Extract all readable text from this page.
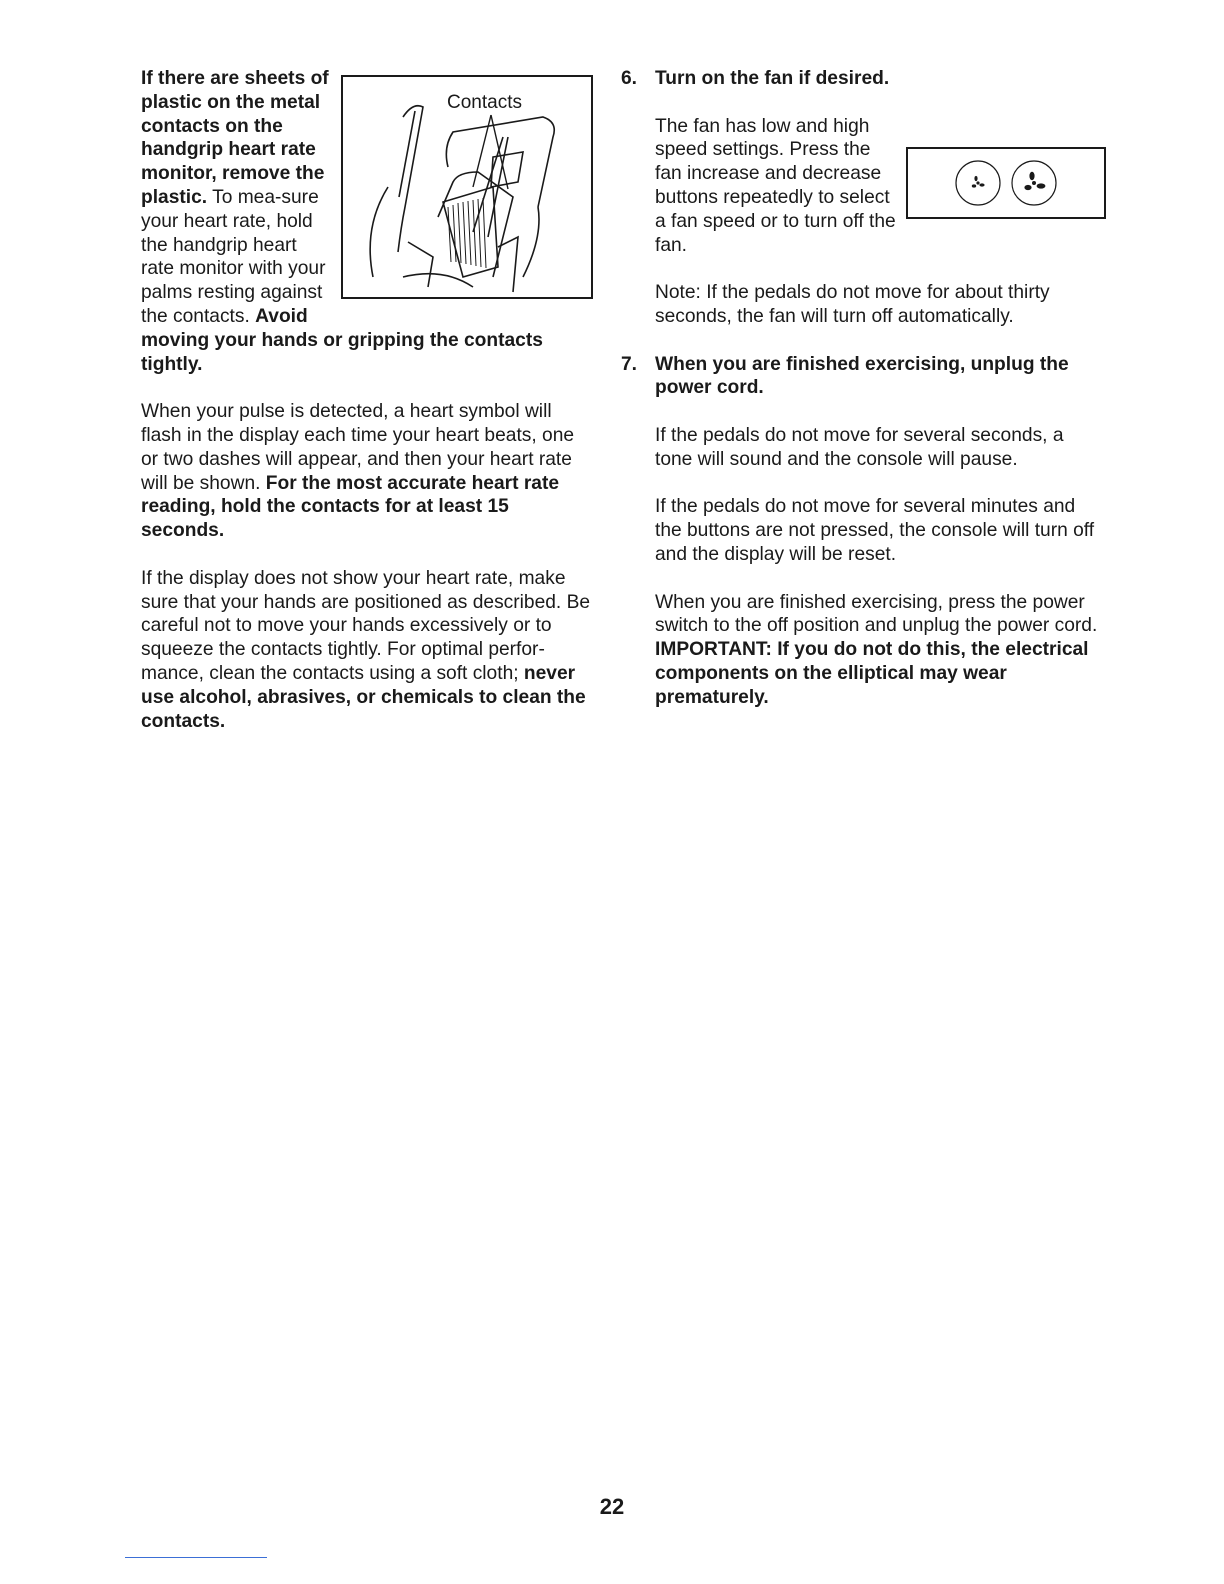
Contacts

If there are sheets of plastic on the metal contacts on the handgrip heart rate monitor, remove the plastic. To mea-sure your heart rate, hold the handgrip heart rate monitor with your palms resting against the contacts. Avoid moving your hands or gripping the contacts tightly.

When your pulse is detected, a heart symbol will flash in the display each time your heart beats, one or two dashes will appear, and then your heart rate will be shown. For the most accurate heart rate reading, hold the contacts for at least 15 seconds.

If the display does not show your heart rate, make sure that your hands are positioned as described. Be careful not to move your hands excessively or to squeeze the contacts tightly. For optimal perfor-mance, clean the contacts using a soft cloth; never use alcohol, abrasives, or chemicals to clean the contacts.

6. Turn on the fan if desired.

The fan has low and high speed settings. Press the fan increase and decrease buttons repeatedly to select a fan speed or to turn off the fan.

Note: If the pedals do not move for about thirty seconds, the fan will turn off automatically.

7. When you are finished exercising, unplug the power cord.

If the pedals do not move for several seconds, a tone will sound and the console will pause.

If the pedals do not move for several minutes and the buttons are not pressed, the console will turn off and the display will be reset.

When you are finished exercising, press the power switch to the off position and unplug the power cord. IMPORTANT: If you do not do this, the electrical components on the elliptical may wear prematurely.

22
